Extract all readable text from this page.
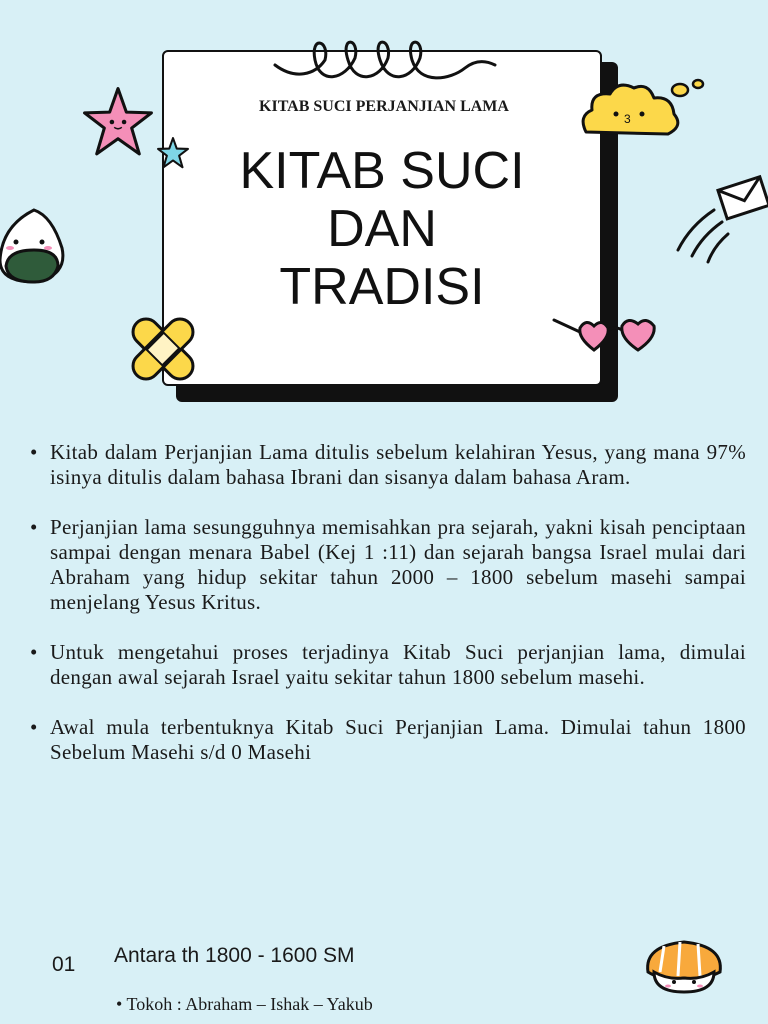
KITAB SUCI PERJANJIAN LAMA
KITAB SUCI
DAN
TRADISI
3
• Kitab dalam Perjanjian Lama ditulis sebelum kelahiran Yesus, yang mana 97% isinya ditulis dalam bahasa Ibrani dan sisanya dalam bahasa Aram.
• Perjanjian lama sesungguhnya memisahkan pra sejarah, yakni kisah penciptaan sampai dengan menara Babel (Kej 1 :11) dan sejarah bangsa Israel mulai dari Abraham yang hidup sekitar tahun 2000 – 1800 sebelum masehi sampai menjelang Yesus Kritus.
• Untuk mengetahui proses terjadinya Kitab Suci perjanjian lama, dimulai dengan awal sejarah Israel yaitu sekitar tahun 1800 sebelum masehi.
• Awal mula terbentuknya Kitab Suci Perjanjian Lama. Dimulai tahun 1800 Sebelum Masehi s/d 0 Masehi
01 Antara th 1800 - 1600 SM
• Tokoh : Abraham – Ishak – Yakub
